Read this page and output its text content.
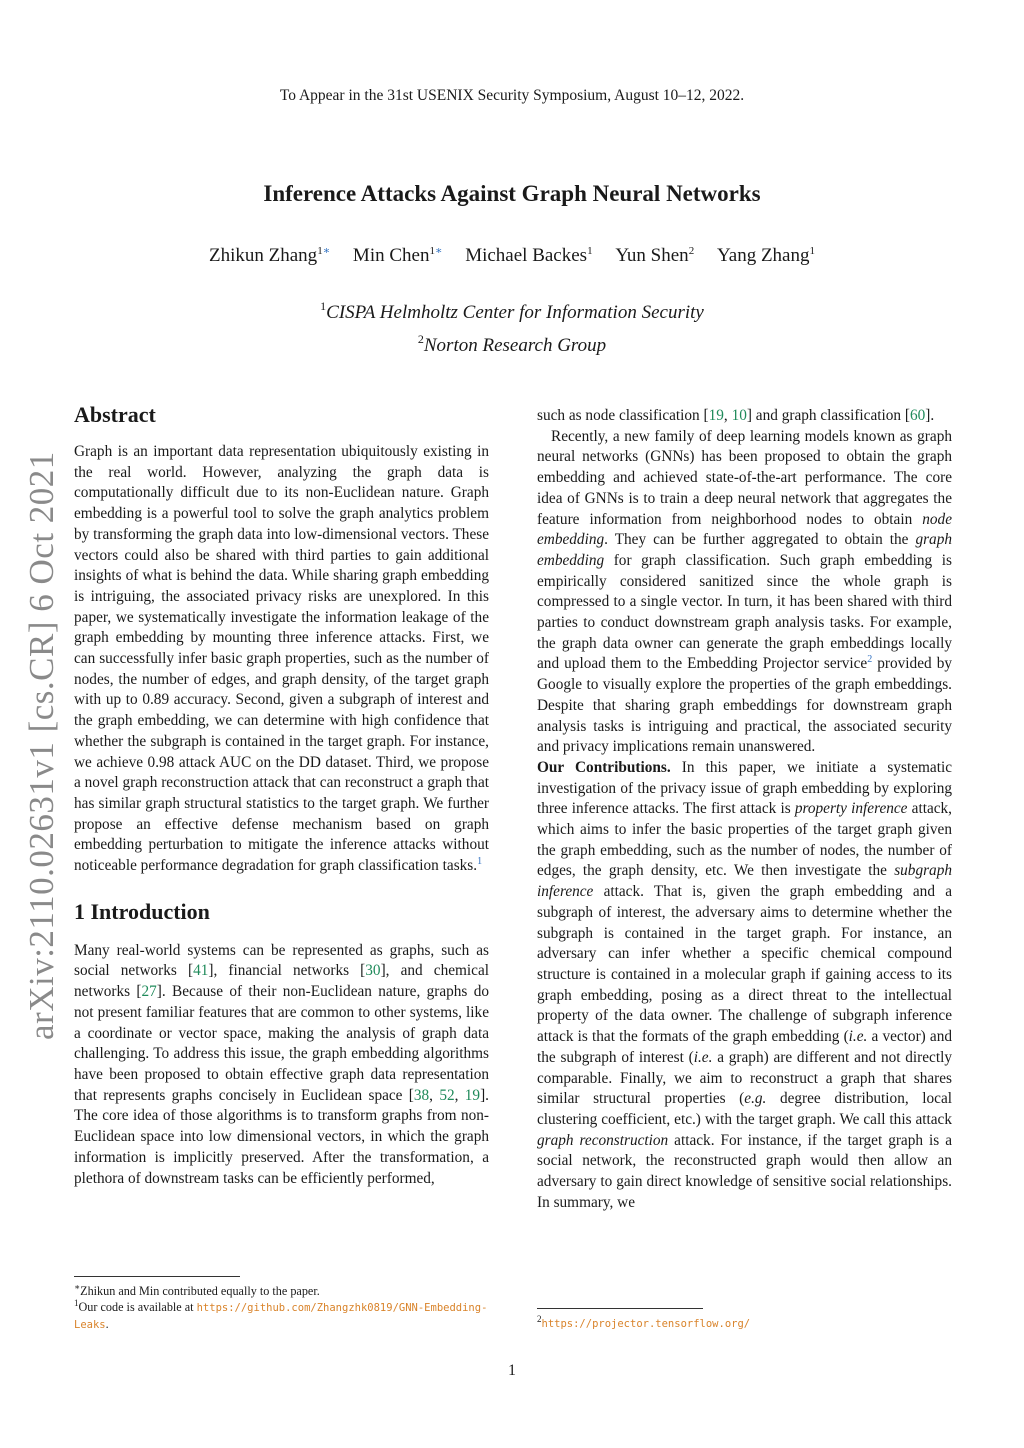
To Appear in the 31st USENIX Security Symposium, August 10–12, 2022.
Inference Attacks Against Graph Neural Networks
Zhikun Zhang$^{1∗}$ Min Chen$^{1∗}$ Michael Backes$^1$ Yun Shen$^2$ Yang Zhang$^1$
$^1$CISPA Helmholtz Center for Information Security
$^2$Norton Research Group
arXiv:2110.02631v1 [cs.CR] 6 Oct 2021
Abstract

Graph is an important data representation ubiquitously existing in the real world. However, analyzing the graph data is computationally difficult due to its non-Euclidean nature. Graph embedding is a powerful tool to solve the graph analytics problem by transforming the graph data into low-dimensional vectors. These vectors could also be shared with third parties to gain additional insights of what is behind the data. While sharing graph embedding is intriguing, the associated privacy risks are unexplored. In this paper, we systematically investigate the information leakage of the graph embedding by mounting three inference attacks. First, we can successfully infer basic graph properties, such as the number of nodes, the number of edges, and graph density, of the target graph with up to 0.89 accuracy. Second, given a subgraph of interest and the graph embedding, we can determine with high confidence that whether the subgraph is contained in the target graph. For instance, we achieve 0.98 attack AUC on the DD dataset. Third, we propose a novel graph reconstruction attack that can reconstruct a graph that has similar graph structural statistics to the target graph. We further propose an effective defense mechanism based on graph embedding perturbation to mitigate the inference attacks without noticeable performance degradation for graph classification tasks.$^1$

1 Introduction

Many real-world systems can be represented as graphs, such as social networks [41], financial networks [30], and chemical networks [27]. Because of their non-Euclidean nature, graphs do not present familiar features that are common to other systems, like a coordinate or vector space, making the analysis of graph data challenging. To address this issue, the graph embedding algorithms have been proposed to obtain effective graph data representation that represents graphs concisely in Euclidean space [38, 52, 19]. The core idea of those algorithms is to transform graphs from non-Euclidean space into low dimensional vectors, in which the graph information is implicitly preserved. After the transformation, a plethora of downstream tasks can be efficiently performed,

∗Zhikun and Min contributed equally to the paper.

$^1$Our code is available at https://github.com/Zhangzhk0819/GNN-Embedding-Leaks.

such as node classification [19, 10] and graph classification [60].

Recently, a new family of deep learning models known as graph neural networks (GNNs) has been proposed to obtain the graph embedding and achieved state-of-the-art performance. The core idea of GNNs is to train a deep neural network that aggregates the feature information from neighborhood nodes to obtain node embedding. They can be further aggregated to obtain the graph embedding for graph classification. Such graph embedding is empirically considered sanitized since the whole graph is compressed to a single vector. In turn, it has been shared with third parties to conduct downstream graph analysis tasks. For example, the graph data owner can generate the graph embeddings locally and upload them to the Embedding Projector service$^2$ provided by Google to visually explore the properties of the graph embeddings. Despite that sharing graph embeddings for downstream graph analysis tasks is intriguing and practical, the associated security and privacy implications remain unanswered.

Our Contributions. In this paper, we initiate a systematic investigation of the privacy issue of graph embedding by exploring three inference attacks. The first attack is property inference attack, which aims to infer the basic properties of the target graph given the graph embedding, such as the number of nodes, the number of edges, the graph density, etc. We then investigate the subgraph inference attack. That is, given the graph embedding and a subgraph of interest, the adversary aims to determine whether the subgraph is contained in the target graph. For instance, an adversary can infer whether a specific chemical compound structure is contained in a molecular graph if gaining access to its graph embedding, posing as a direct threat to the intellectual property of the data owner. The challenge of subgraph inference attack is that the formats of the graph embedding (i.e. a vector) and the subgraph of interest (i.e. a graph) are different and not directly comparable. Finally, we aim to reconstruct a graph that shares similar structural properties (e.g. degree distribution, local clustering coefficient, etc.) with the target graph. We call this attack graph reconstruction attack. For instance, if the target graph is a social network, the reconstructed graph would then allow an adversary to gain direct knowledge of sensitive social relationships. In summary, we

$^2$https://projector.tensorflow.org/

1
